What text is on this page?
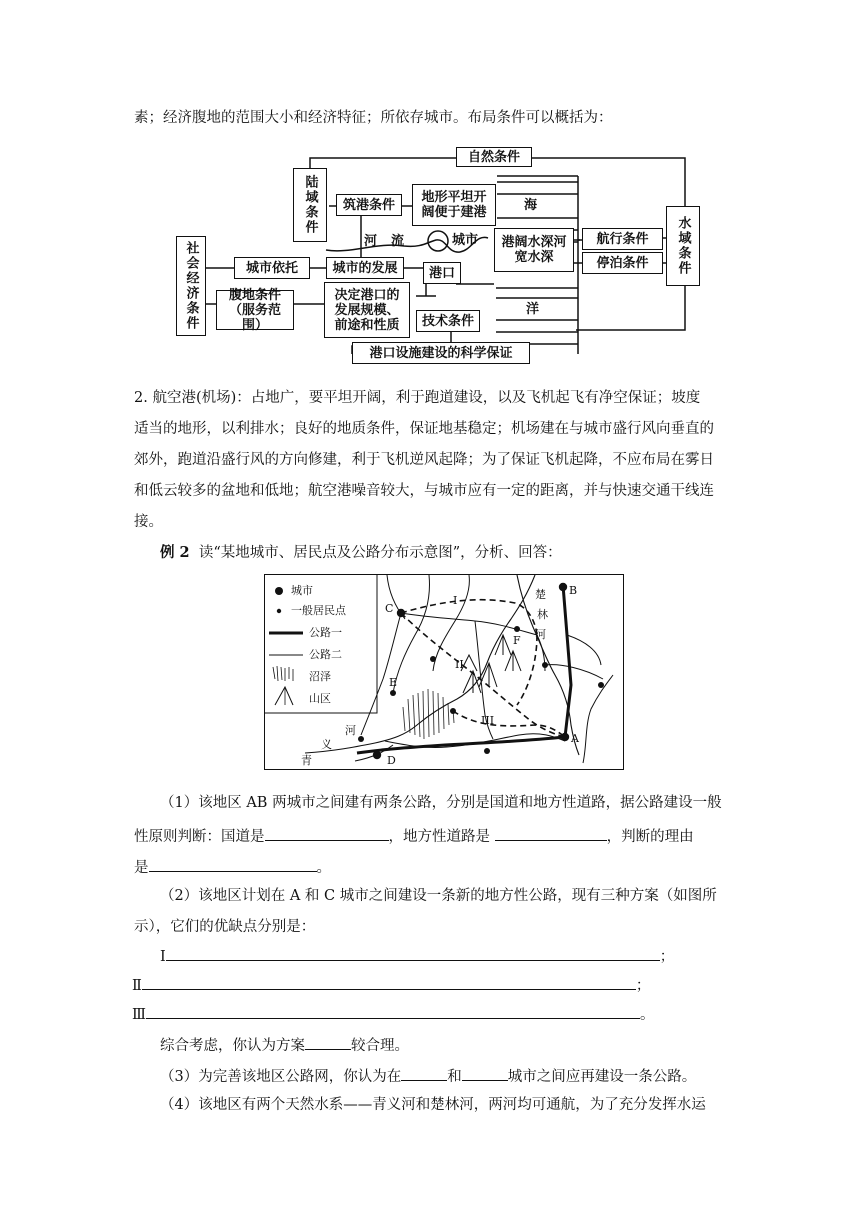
素；经济腹地的范围大小和经济特征；所依存城市。布局条件可以概括为：
自然条件
陆域条件
水域条件
社会经济条件
筑港条件	地形平坦开阔便于建港	海
河 流	城市	港阔水深河宽水深
航行条件
停泊条件
城市依托	城市的发展	港口
腹地条件（服务范围）
决定港口的发展规模、前途和性质	技术条件
洋
港口设施建设的科学保证
2. 航空港(机场)：占地广，要平坦开阔，利于跑道建设，以及飞机起飞有净空保证；坡度
适当的地形，以利排水；良好的地质条件，保证地基稳定；机场建在与城市盛行风向垂直的
郊外，跑道沿盛行风的方向修建，利于飞机逆风起降；为了保证飞机起降，不应布局在雾日
和低云较多的盆地和低地；航空港噪音较大，与城市应有一定的距离，并与快速交通干线连
接。
例 2 读“某地城市、居民点及公路分布示意图”，分析、回答：
城市
一般居民点
公路一
公路二
沼泽
山区
A
B
C
D
E
F
I
II
III
河
义
青
楚
林
河
（1）该地区 AB 两城市之间建有两条公路，分别是国道和地方性道路，据公路建设一般
性原则判断：国道是	，地方性道路是	，判断的理由
是	。
（2）该地区计划在 A 和 C 城市之间建设一条新的地方性公路，现有三种方案（如图所
示），它们的优缺点分别是：
Ⅰ	；
Ⅱ	；
Ⅲ	。
综合考虑，你认为方案	较合理。
（3）为完善该地区公路网，你认为在	和	城市之间应再建设一条公路。
（4）该地区有两个天然水系——青义河和楚林河，两河均可通航，为了充分发挥水运
